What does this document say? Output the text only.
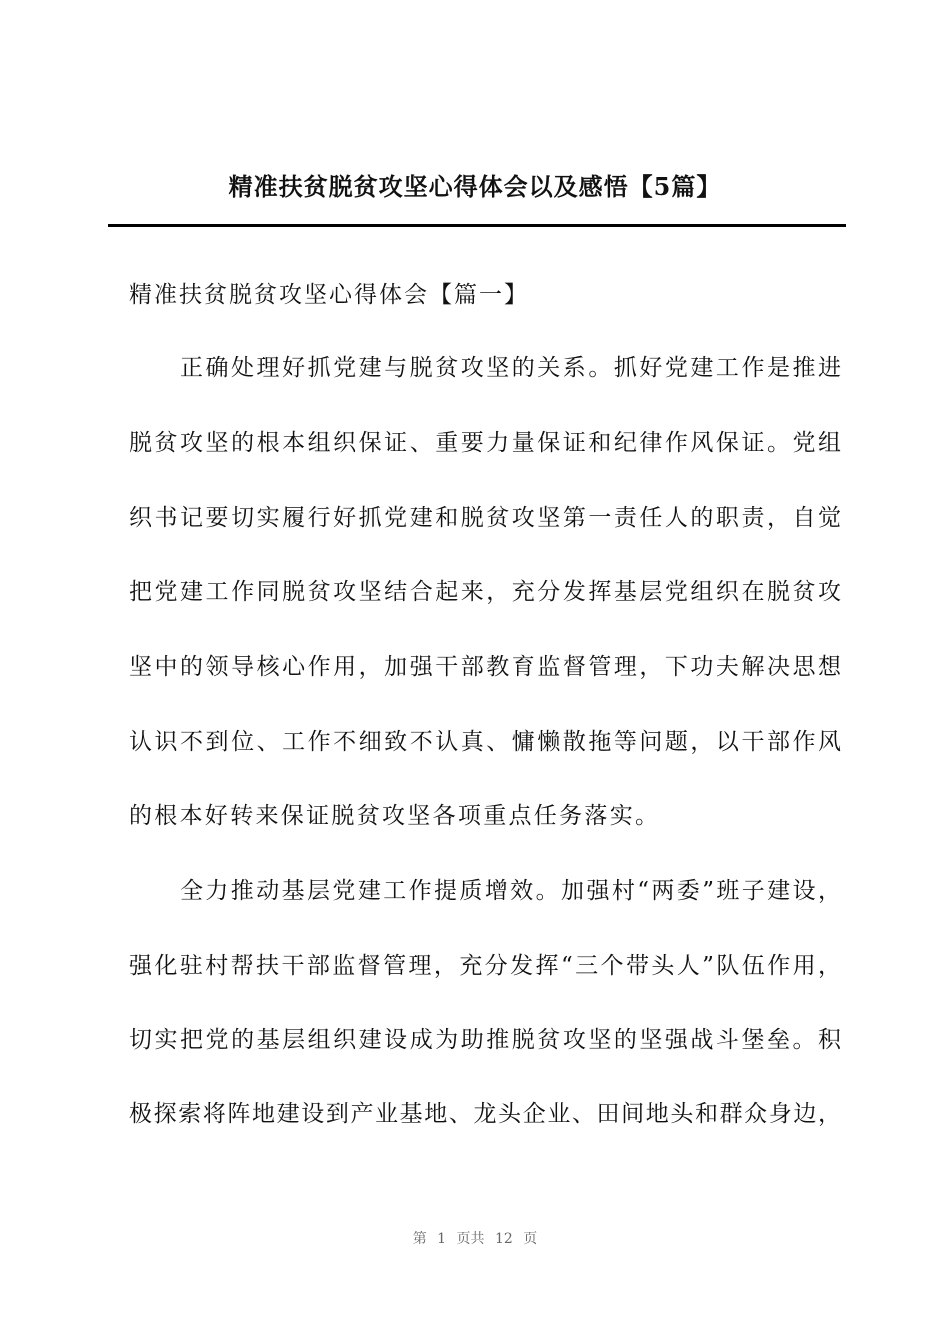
精准扶贫脱贫攻坚心得体会以及感悟【5篇】
精准扶贫脱贫攻坚心得体会【篇一】
正确处理好抓党建与脱贫攻坚的关系。抓好党建工作是推进
脱贫攻坚的根本组织保证、重要力量保证和纪律作风保证。党组
织书记要切实履行好抓党建和脱贫攻坚第一责任人的职责，自觉
把党建工作同脱贫攻坚结合起来，充分发挥基层党组织在脱贫攻
坚中的领导核心作用，加强干部教育监督管理，下功夫解决思想
认识不到位、工作不细致不认真、慵懒散拖等问题，以干部作风
的根本好转来保证脱贫攻坚各项重点任务落实。
全力推动基层党建工作提质增效。加强村“两委”班子建设，
强化驻村帮扶干部监督管理，充分发挥“三个带头人”队伍作用，
切实把党的基层组织建设成为助推脱贫攻坚的坚强战斗堡垒。积
极探索将阵地建设到产业基地、龙头企业、田间地头和群众身边，
第 1 页共 12 页
